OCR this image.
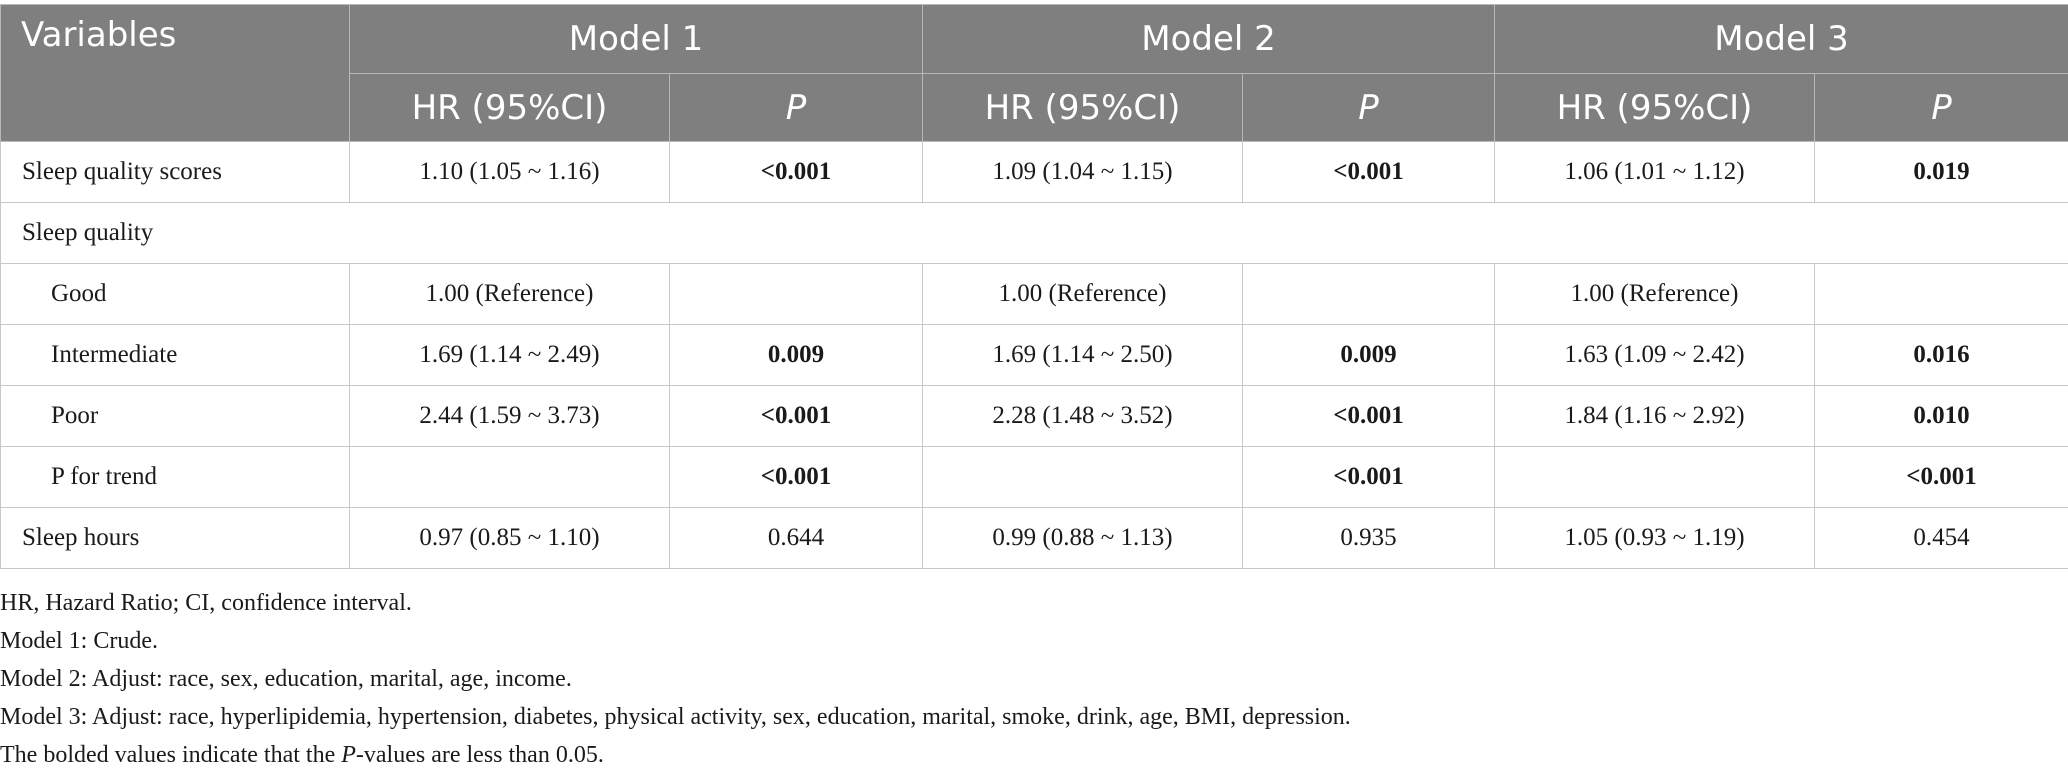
Variables	Model 1		Model 2		Model 3	
	HR (95%CI)	P	HR (95%CI)	P	HR (95%CI)	P
Sleep quality scores	1.10 (1.05 ~ 1.16)	<0.001	1.09 (1.04 ~ 1.15)	<0.001	1.06 (1.01 ~ 1.12)	0.019
Sleep quality						
Good	1.00 (Reference)		1.00 (Reference)		1.00 (Reference)	
Intermediate	1.69 (1.14 ~ 2.49)	0.009	1.69 (1.14 ~ 2.50)	0.009	1.63 (1.09 ~ 2.42)	0.016
Poor	2.44 (1.59 ~ 3.73)	<0.001	2.28 (1.48 ~ 3.52)	<0.001	1.84 (1.16 ~ 2.92)	0.010
P for trend		<0.001		<0.001		<0.001
Sleep hours	0.97 (0.85 ~ 1.10)	0.644	0.99 (0.88 ~ 1.13)	0.935	1.05 (0.93 ~ 1.19)	0.454

HR, Hazard Ratio; CI, confidence interval.

Model 1: Crude.

Model 2: Adjust: race, sex, education, marital, age, income.

Model 3: Adjust: race, hyperlipidemia, hypertension, diabetes, physical activity, sex, education, marital, smoke, drink, age, BMI, depression.

The bolded values indicate that the P-values are less than 0.05.
